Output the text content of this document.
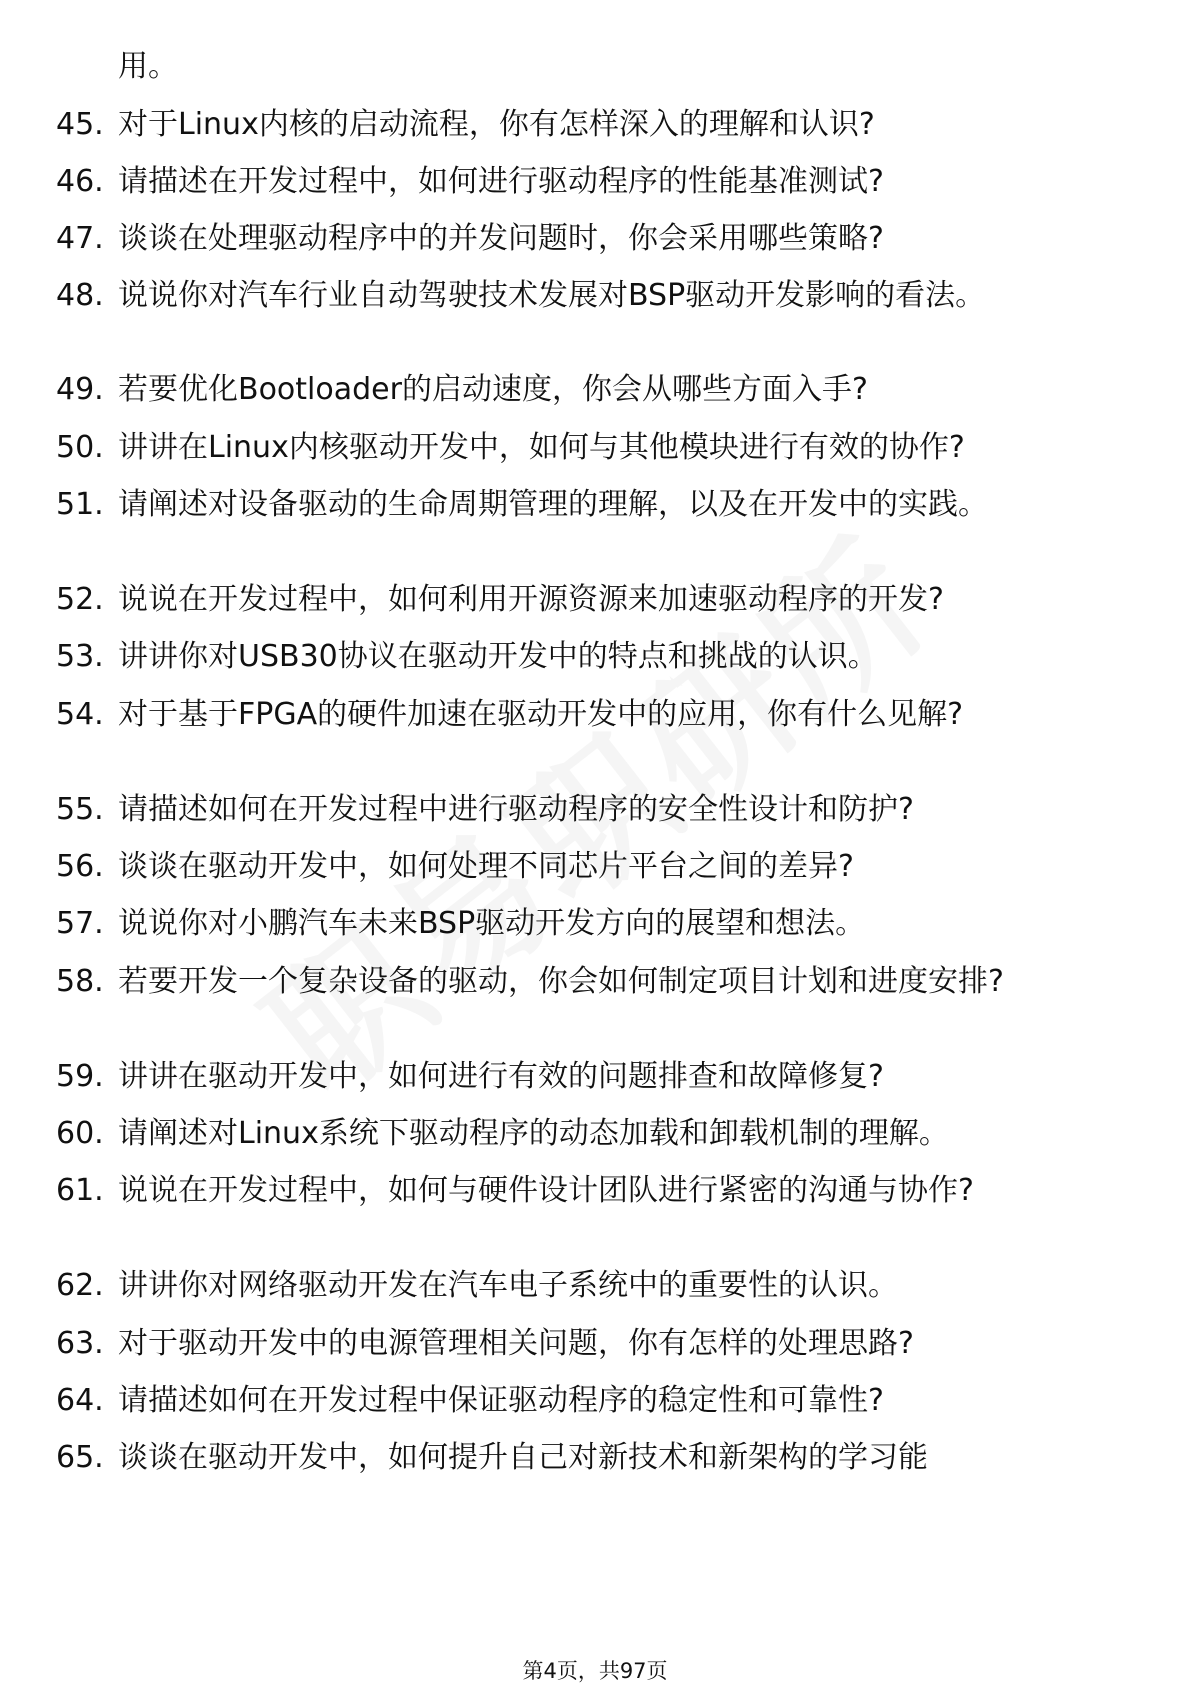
用。
45. 对于Linux内核的启动流程，你有怎样深入的理解和认识?
46. 请描述在开发过程中，如何进行驱动程序的性能基准测试?
47. 谈谈在处理驱动程序中的并发问题时，你会采用哪些策略?
48. 说说你对汽车行业自动驾驶技术发展对BSP驱动开发影响的看法。
49. 若要优化Bootloader的启动速度，你会从哪些方面入手?
50. 讲讲在Linux内核驱动开发中，如何与其他模块进行有效的协作?
51. 请阐述对设备驱动的生命周期管理的理解，以及在开发中的实践。
52. 说说在开发过程中，如何利用开源资源来加速驱动程序的开发?
53. 讲讲你对USB30协议在驱动开发中的特点和挑战的认识。
54. 对于基于FPGA的硬件加速在驱动开发中的应用，你有什么见解?
55. 请描述如何在开发过程中进行驱动程序的安全性设计和防护?
56. 谈谈在驱动开发中，如何处理不同芯片平台之间的差异?
57. 说说你对小鹏汽车未来BSP驱动开发方向的展望和想法。
58. 若要开发一个复杂设备的驱动，你会如何制定项目计划和进度安排?
59. 讲讲在驱动开发中，如何进行有效的问题排查和故障修复?
60. 请阐述对Linux系统下驱动程序的动态加载和卸载机制的理解。
61. 说说在开发过程中，如何与硬件设计团队进行紧密的沟通与协作?
62. 讲讲你对网络驱动开发在汽车电子系统中的重要性的认识。
63. 对于驱动开发中的电源管理相关问题，你有怎样的处理思路?
64. 请描述如何在开发过程中保证驱动程序的稳定性和可靠性?
65. 谈谈在驱动开发中，如何提升自己对新技术和新架构的学习能
第4页，共97页
